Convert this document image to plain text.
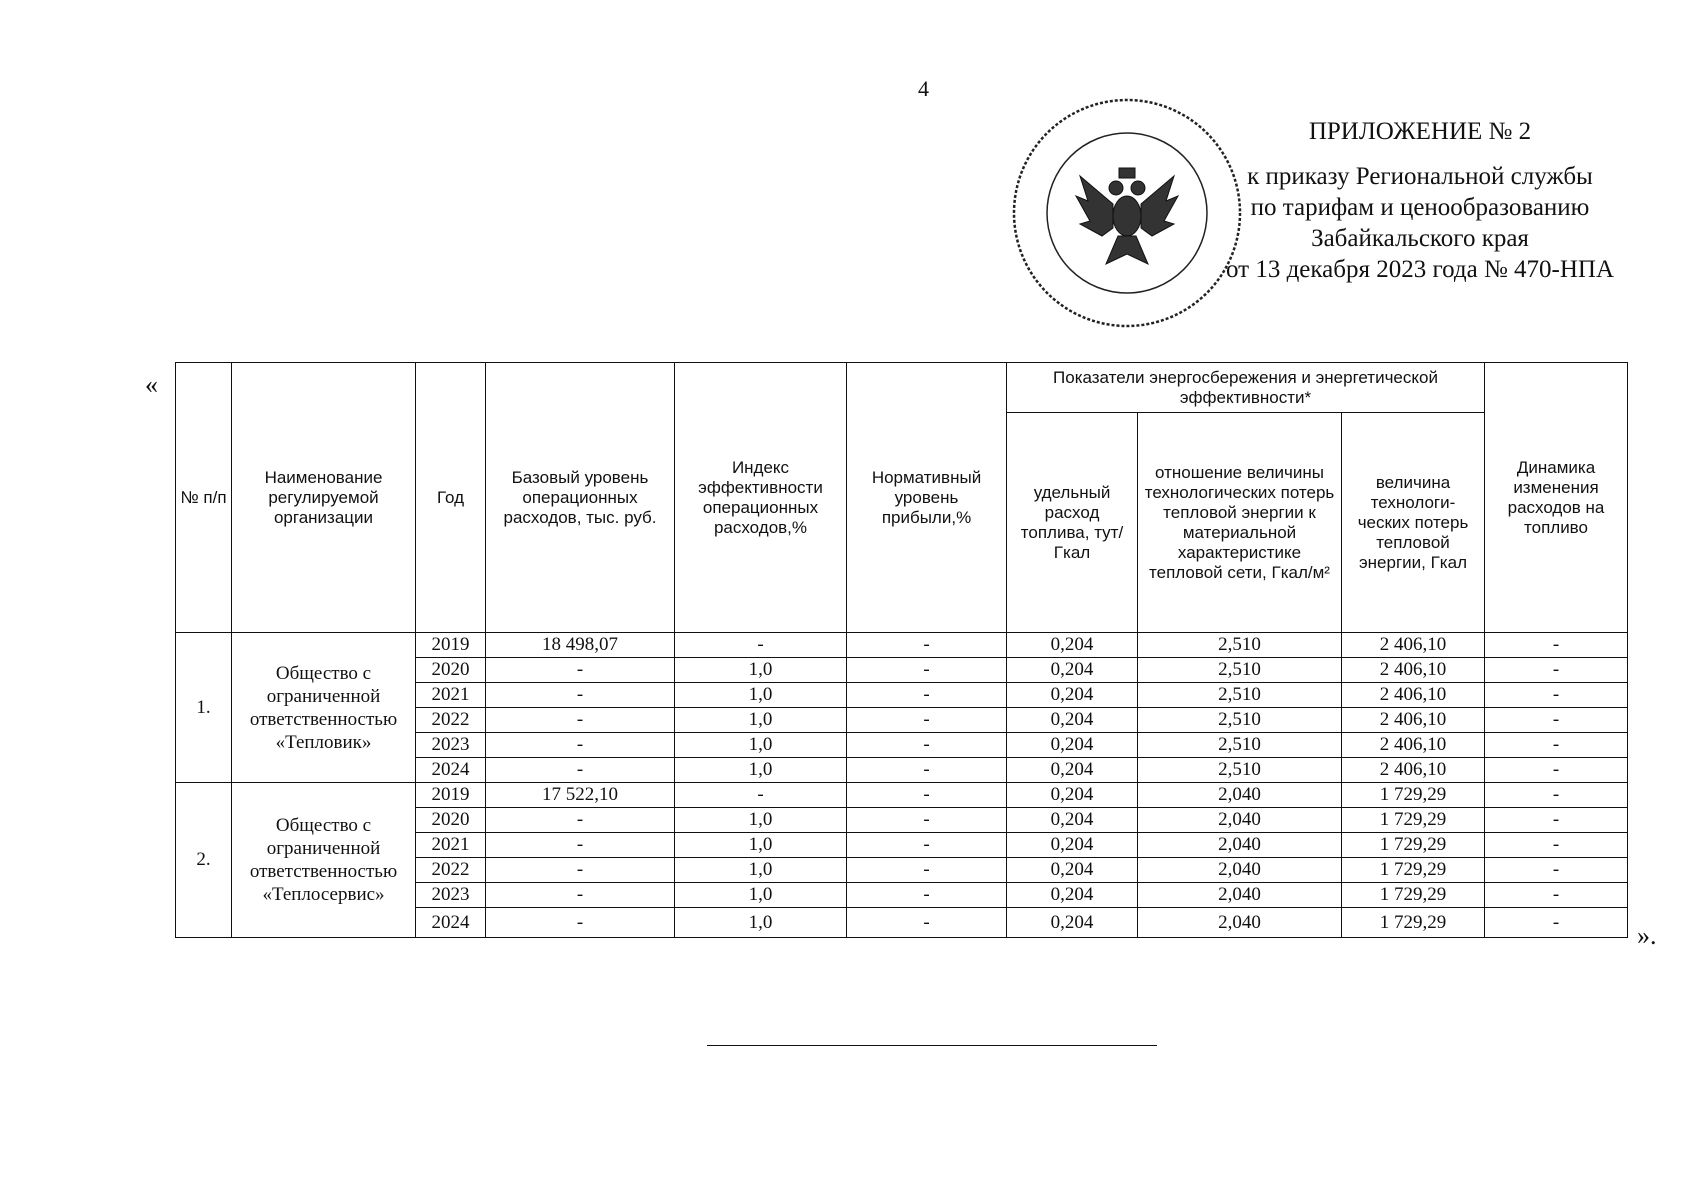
4
ПРИЛОЖЕНИЕ № 2
к приказу Региональной службы
по тарифам и ценообразованию
Забайкальского края
от 13 декабря 2023 года № 470-НПА
«
№ п/п	Наименование регулируемой организации	Год	Базовый уровень операционных расходов, тыс. руб.	Индекс эффективности операционных расходов,%	Нормативный уровень прибыли,%	Показатели энергосбережения и энергетической эффективности*			Динамика изменения расходов на топливо
						удельный расход топлива, тут/Гкал	отношение величины технологических потерь тепловой энергии к материальной характеристике тепловой сети, Гкал/м²	величина технологи-ческих потерь тепловой энергии, Гкал	
1.	Общество с ограниченной ответственностью «Тепловик»	2019	18 498,07	-	-	0,204	2,510	2 406,10	-
		2020	-	1,0	-	0,204	2,510	2 406,10	-
		2021	-	1,0	-	0,204	2,510	2 406,10	-
		2022	-	1,0	-	0,204	2,510	2 406,10	-
		2023	-	1,0	-	0,204	2,510	2 406,10	-
		2024	-	1,0	-	0,204	2,510	2 406,10	-
2.	Общество с ограниченной ответственностью «Теплосервис»	2019	17 522,10	-	-	0,204	2,040	1 729,29	-
		2020	-	1,0	-	0,204	2,040	1 729,29	-
		2021	-	1,0	-	0,204	2,040	1 729,29	-
		2022	-	1,0	-	0,204	2,040	1 729,29	-
		2023	-	1,0	-	0,204	2,040	1 729,29	-
		2024	-	1,0	-	0,204	2,040	1 729,29	-	».
